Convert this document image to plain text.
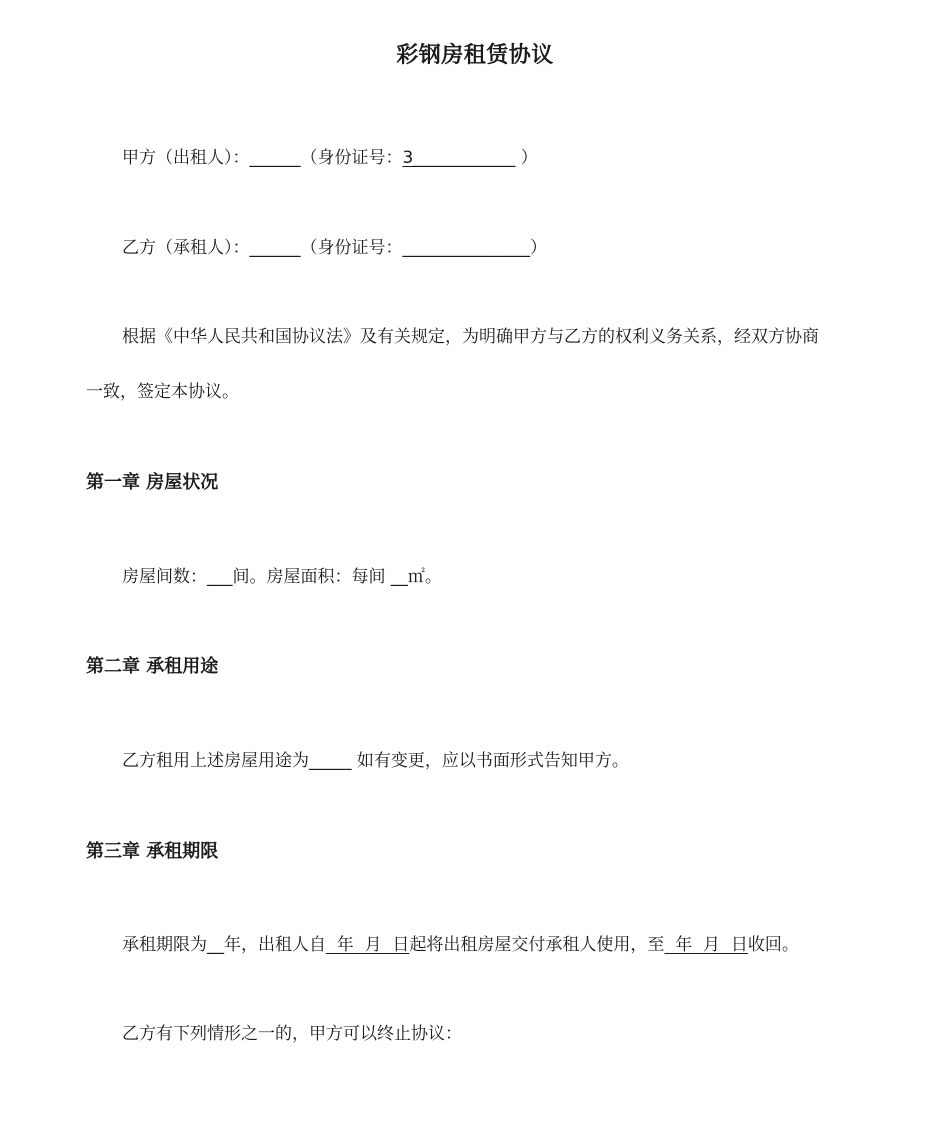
彩钢房租赁协议
甲方（出租人）：______（身份证号：3____________ ）
乙方（承租人）：______（身份证号：_______________）
根据《中华人民共和国协议法》及有关规定，为明确甲方与乙方的权利义务关系，经双方协商
一致，签定本协议。
第一章 房屋状况
房屋间数：___间。房屋面积：每间 __㎡。
第二章 承租用途
乙方租用上述房屋用途为_____ 如有变更，应以书面形式告知甲方。
第三章 承租期限
承租期限为__年，出租人自  年  月  日起将出租房屋交付承租人使用，至  年  月  日收回。
乙方有下列情形之一的，甲方可以终止协议：
